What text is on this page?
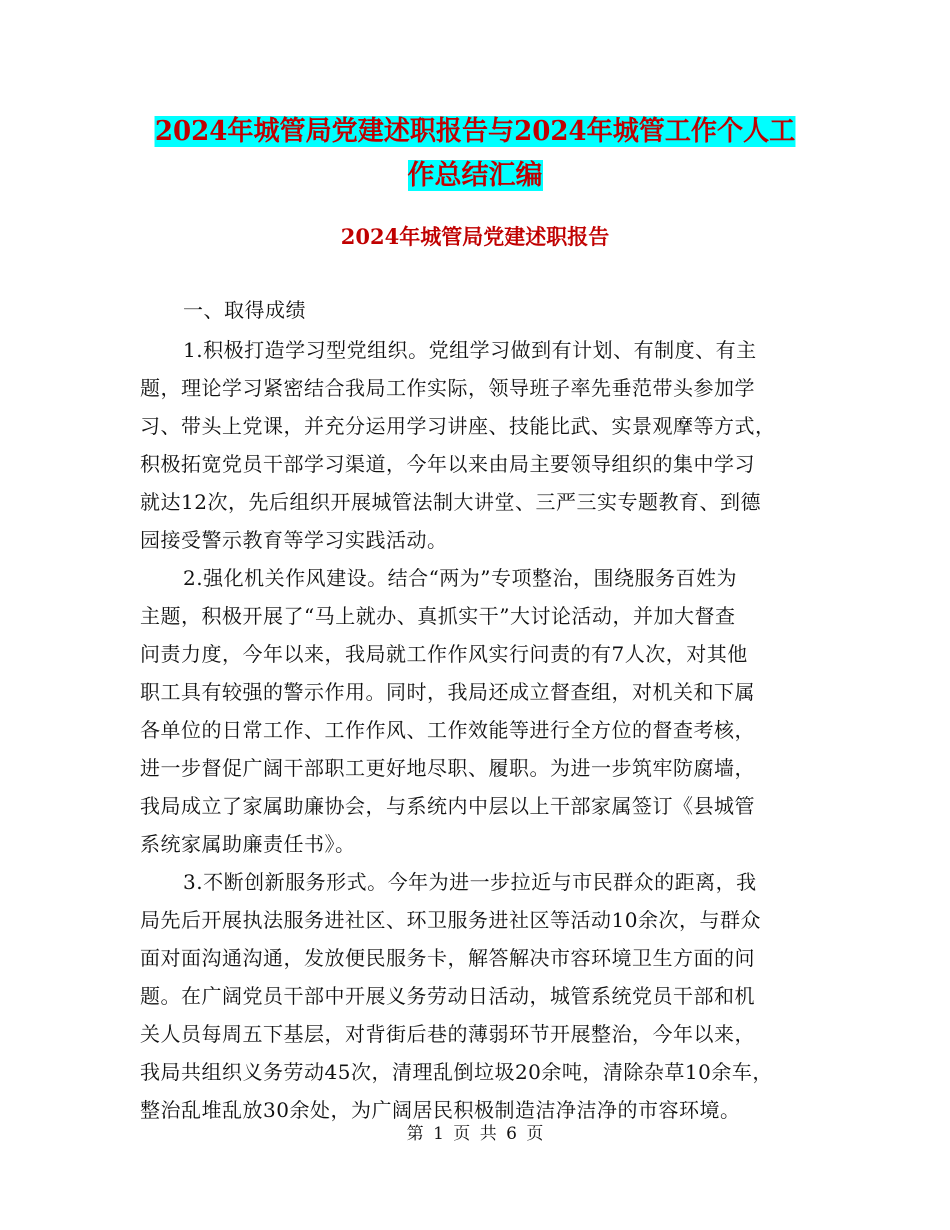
2024年城管局党建述职报告与2024年城管工作个人工
作总结汇编
2024年城管局党建述职报告
一、取得成绩
1.积极打造学习型党组织。党组学习做到有计划、有制度、有主
题，理论学习紧密结合我局工作实际，领导班子率先垂范带头参加学
习、带头上党课，并充分运用学习讲座、技能比武、实景观摩等方式，
积极拓宽党员干部学习渠道，今年以来由局主要领导组织的集中学习
就达12次，先后组织开展城管法制大讲堂、三严三实专题教育、到德
园接受警示教育等学习实践活动。
2.强化机关作风建设。结合“两为”专项整治，围绕服务百姓为
主题，积极开展了“马上就办、真抓实干”大讨论活动，并加大督查
问责力度，今年以来，我局就工作作风实行问责的有7人次，对其他
职工具有较强的警示作用。同时，我局还成立督查组，对机关和下属
各单位的日常工作、工作作风、工作效能等进行全方位的督查考核，
进一步督促广阔干部职工更好地尽职、履职。为进一步筑牢防腐墙，
我局成立了家属助廉协会，与系统内中层以上干部家属签订《县城管
系统家属助廉责任书》。
3.不断创新服务形式。今年为进一步拉近与市民群众的距离，我
局先后开展执法服务进社区、环卫服务进社区等活动10余次，与群众
面对面沟通沟通，发放便民服务卡，解答解决市容环境卫生方面的问
题。在广阔党员干部中开展义务劳动日活动，城管系统党员干部和机
关人员每周五下基层，对背街后巷的薄弱环节开展整治，今年以来，
我局共组织义务劳动45次，清理乱倒垃圾20余吨，清除杂草10余车，
整治乱堆乱放30余处，为广阔居民积极制造洁净洁净的市容环境。
第 1 页 共 6 页
